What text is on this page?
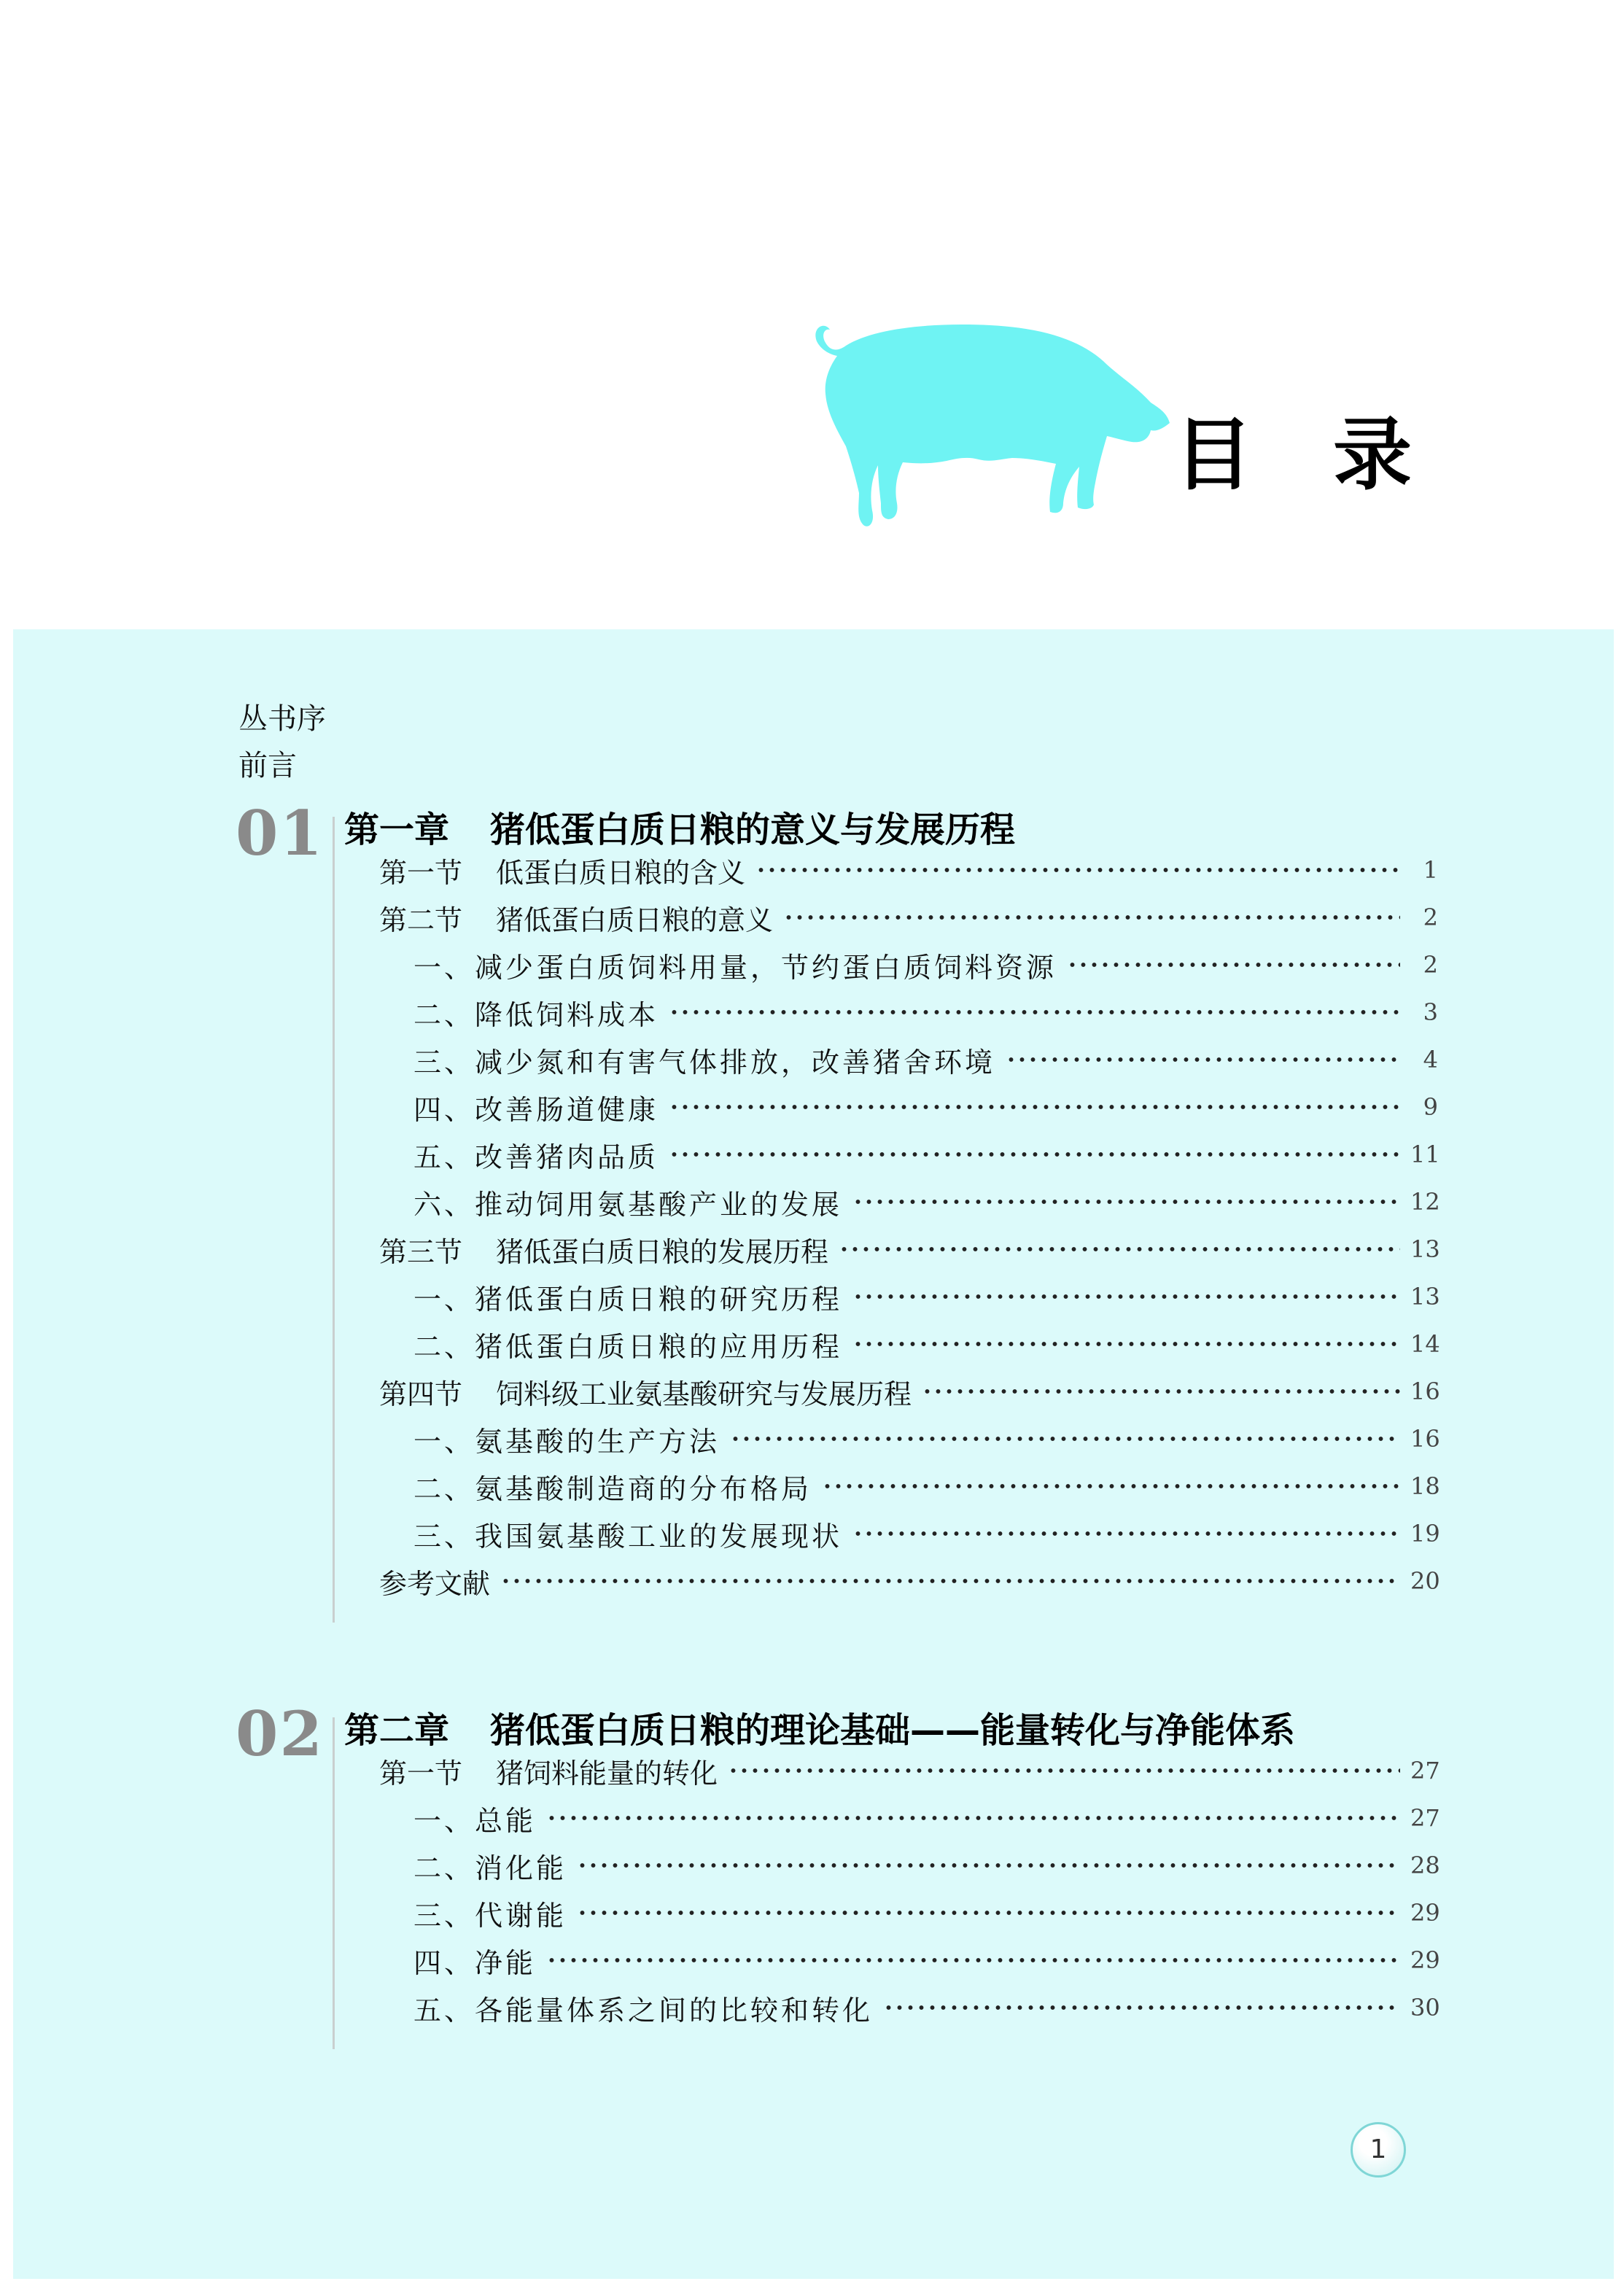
目录
丛书序
前言
01 第一章 猪低蛋白质日粮的意义与发展历程
第一节 低蛋白质日粮的含义	1
第二节 猪低蛋白质日粮的意义	2
一、减少蛋白质饲料用量，节约蛋白质饲料资源	2
二、降低饲料成本	3
三、减少氮和有害气体排放，改善猪舍环境	4
四、改善肠道健康	9
五、改善猪肉品质	11
六、推动饲用氨基酸产业的发展	12
第三节 猪低蛋白质日粮的发展历程	13
一、猪低蛋白质日粮的研究历程	13
二、猪低蛋白质日粮的应用历程	14
第四节 饲料级工业氨基酸研究与发展历程	16
一、氨基酸的生产方法	16
二、氨基酸制造商的分布格局	18
三、我国氨基酸工业的发展现状	19
参考文献	20
02 第二章 猪低蛋白质日粮的理论基础——能量转化与净能体系
第一节 猪饲料能量的转化	27
一、总能	27
二、消化能	28
三、代谢能	29
四、净能	29
五、各能量体系之间的比较和转化	30
1
